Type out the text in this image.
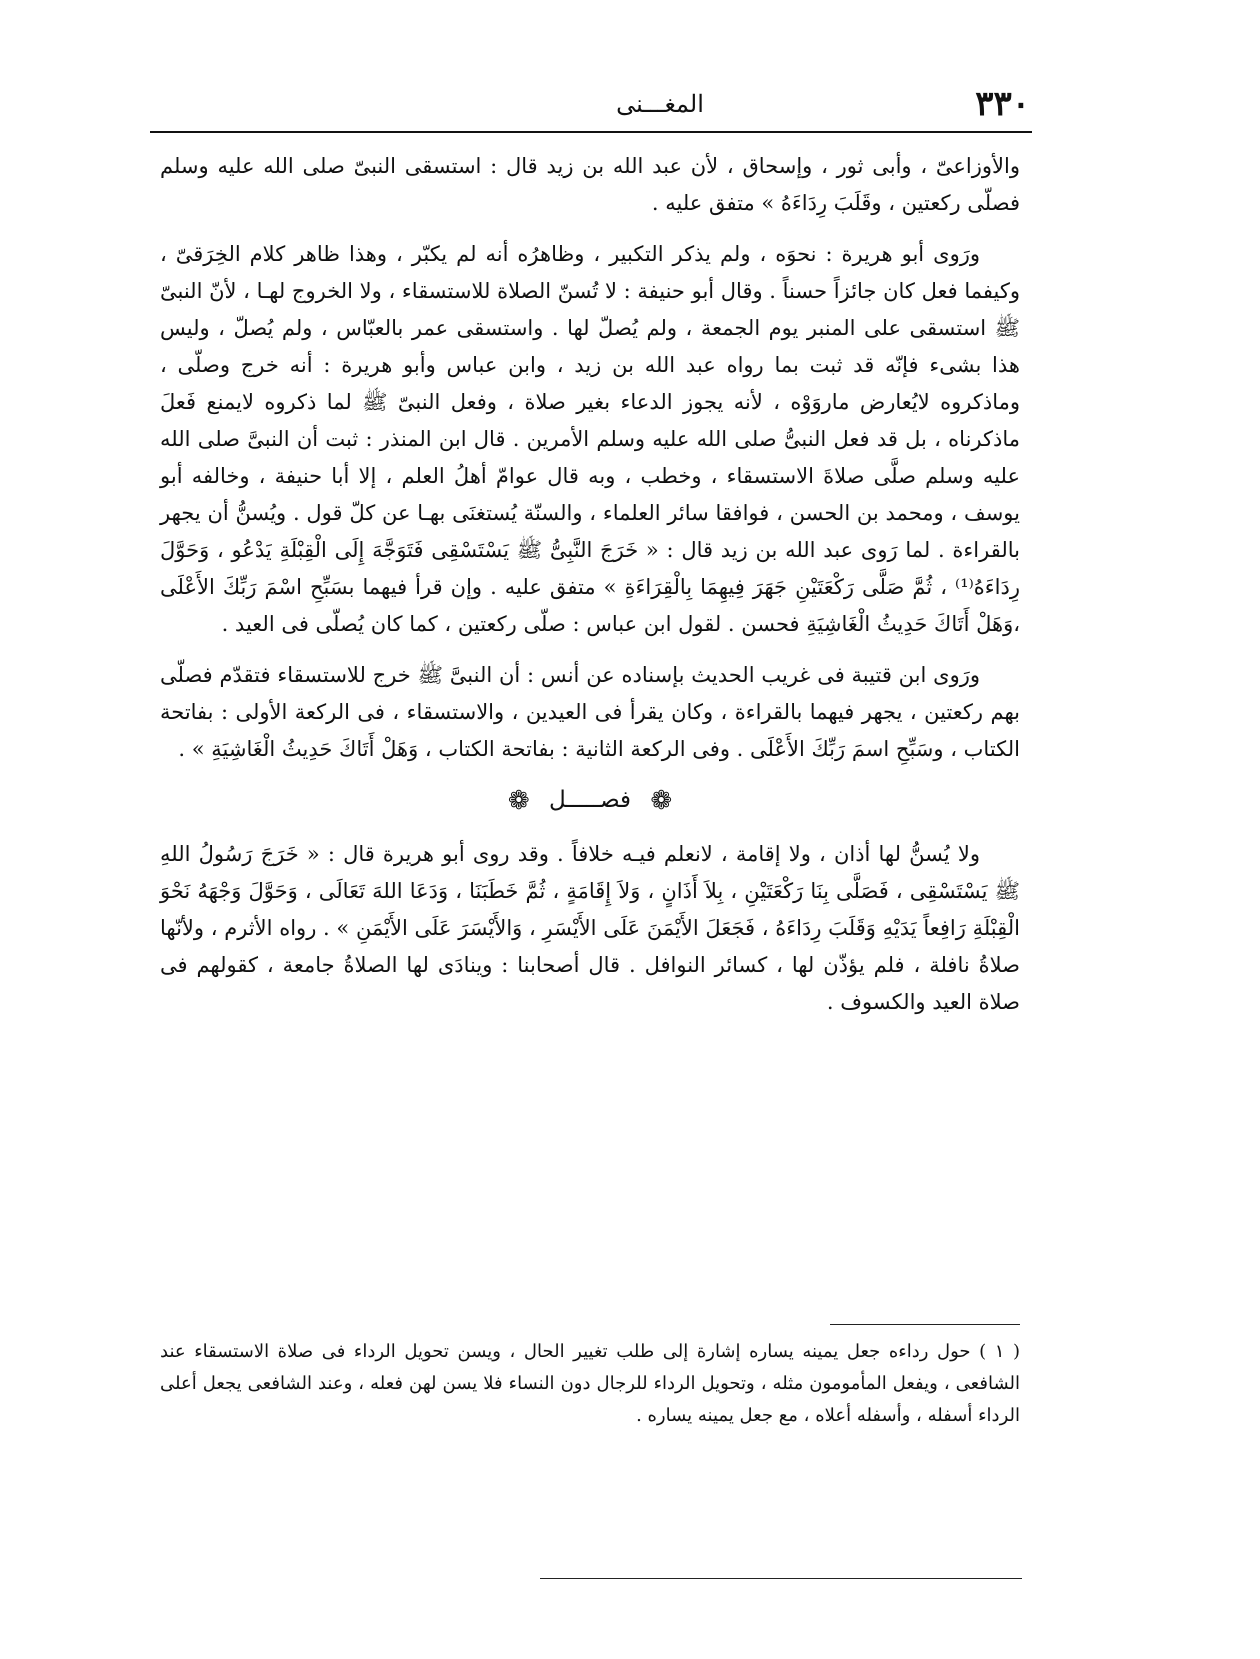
المغـــنى	٣٣٠

والأوزاعىّ ، وأبى ثور ، وإسحاق ، لأن عبد الله بن زيد قال : استسقى النبىّ صلى الله عليه وسلم فصلّى ركعتين ، وقَلَبَ رِدَاءَهُ » متفق عليه .

ورَوى أبو هريرة : نحوَه ، ولم يذكر التكبير ، وظاهرُه أنه لم يكبّر ، وهذا ظاهر كلام الخِرَقىّ ، وكيفما فعل كان جائزاً حسناً . وقال أبو حنيفة : لا تُسنّ الصلاة للاستسقاء ، ولا الخروج لهـا ، لأنّ النبىّ ﷺ استسقى على المنبر يوم الجمعة ، ولم يُصلّ لها . واستسقى عمر بالعبّاس ، ولم يُصلّ ، وليس هذا بشىء فإنّه قد ثبت بما رواه عبد الله بن زيد ، وابن عباس وأبو هريرة : أنه خرج وصلّى ، وماذكروه لايُعارض ماروَوْه ، لأنه يجوز الدعاء بغير صلاة ، وفعل النبىّ ﷺ لما ذكروه لايمنع فَعلَ ماذكرناه ، بل قد فعل النبىُّ صلى الله عليه وسلم الأمرين . قال ابن المنذر : ثبت أن النبىَّ صلى الله عليه وسلم صلَّى صلاةَ الاستسقاء ، وخطب ، وبه قال عوامّ أهلُ العلم ، إلا أبا حنيفة ، وخالفه أبو يوسف ، ومحمد بن الحسن ، فوافقا سائر العلماء ، والسنّة يُستغنَى بهـا عن كلّ قول . ويُسنُّ أن يجهر بالقراءة . لما رَوى عبد الله بن زيد قال : « خَرَجَ النَّبِىُّ ﷺ يَسْتَسْقِى فَتَوَجَّهَ إِلَى الْقِبْلَةِ يَدْعُو ، وَحَوَّلَ رِدَاءَهُ⁽¹⁾ ، ثُمَّ صَلَّى رَكْعَتَيْنِ جَهَرَ فِيهِمَا بِالْقِرَاءَةِ » متفق عليه . وإن قرأ فيهما بسَبِّحِ اسْمَ رَبِّكَ الأَعْلَى ،وَهَلْ أَتَاكَ حَدِيثُ الْغَاشِيَةِ فحسن . لقول ابن عباس : صلّى ركعتين ، كما كان يُصلّى فى العيد .

ورَوى ابن قتيبة فى غريب الحديث بإسناده عن أنس : أن النبىَّ ﷺ خرج للاستسقاء فتقدّم فصلّى بهم ركعتين ، يجهر فيهما بالقراءة ، وكان يقرأ فى العيدين ، والاستسقاء ، فى الركعة الأولى : بفاتحة الكتاب ، وسَبِّحِ اسمَ رَبِّكَ الأَعْلَى . وفى الركعة الثانية : بفاتحة الكتاب ، وَهَلْ أَتَاكَ حَدِيثُ الْغَاشِيَةِ » .

❁ فصـــــل ❁

ولا يُسنُّ لها أذان ، ولا إقامة ، لانعلم فيـه خلافاً . وقد روى أبو هريرة قال : « خَرَجَ رَسُولُ اللهِ ﷺ يَسْتَسْقِى ، فَصَلَّى بِنَا رَكْعَتَيْنِ ، بِلاَ أَذَانٍ ، وَلاَ إِقَامَةٍ ، ثُمَّ خَطَبَنَا ، وَدَعَا اللهَ تَعَالَى ، وَحَوَّلَ وَجْهَهُ نَحْوَ الْقِبْلَةِ رَافِعاً يَدَيْهِ وَقَلَبَ رِدَاءَهُ ، فَجَعَلَ الأَيْمَنَ عَلَى الأَيْسَرِ ، وَالأَيْسَرَ عَلَى الأَيْمَنِ » . رواه الأثرم ، ولأنّها صلاةُ نافلة ، فلم يؤذّن لها ، كسائر النوافل . قال أصحابنا : وينادَى لها الصلاةُ جامعة ، كقولهم فى صلاة العيد والكسوف .

( ١ ) حول رداءه جعل يمينه يساره إشارة إلى طلب تغيير الحال ، ويسن تحويل الرداء فى صلاة الاستسقاء عند الشافعى ، ويفعل المأمومون مثله ، وتحويل الرداء للرجال دون النساء فلا يسن لهن فعله ، وعند الشافعى يجعل أعلى الرداء أسفله ، وأسفله أعلاه ، مع جعل يمينه يساره .
